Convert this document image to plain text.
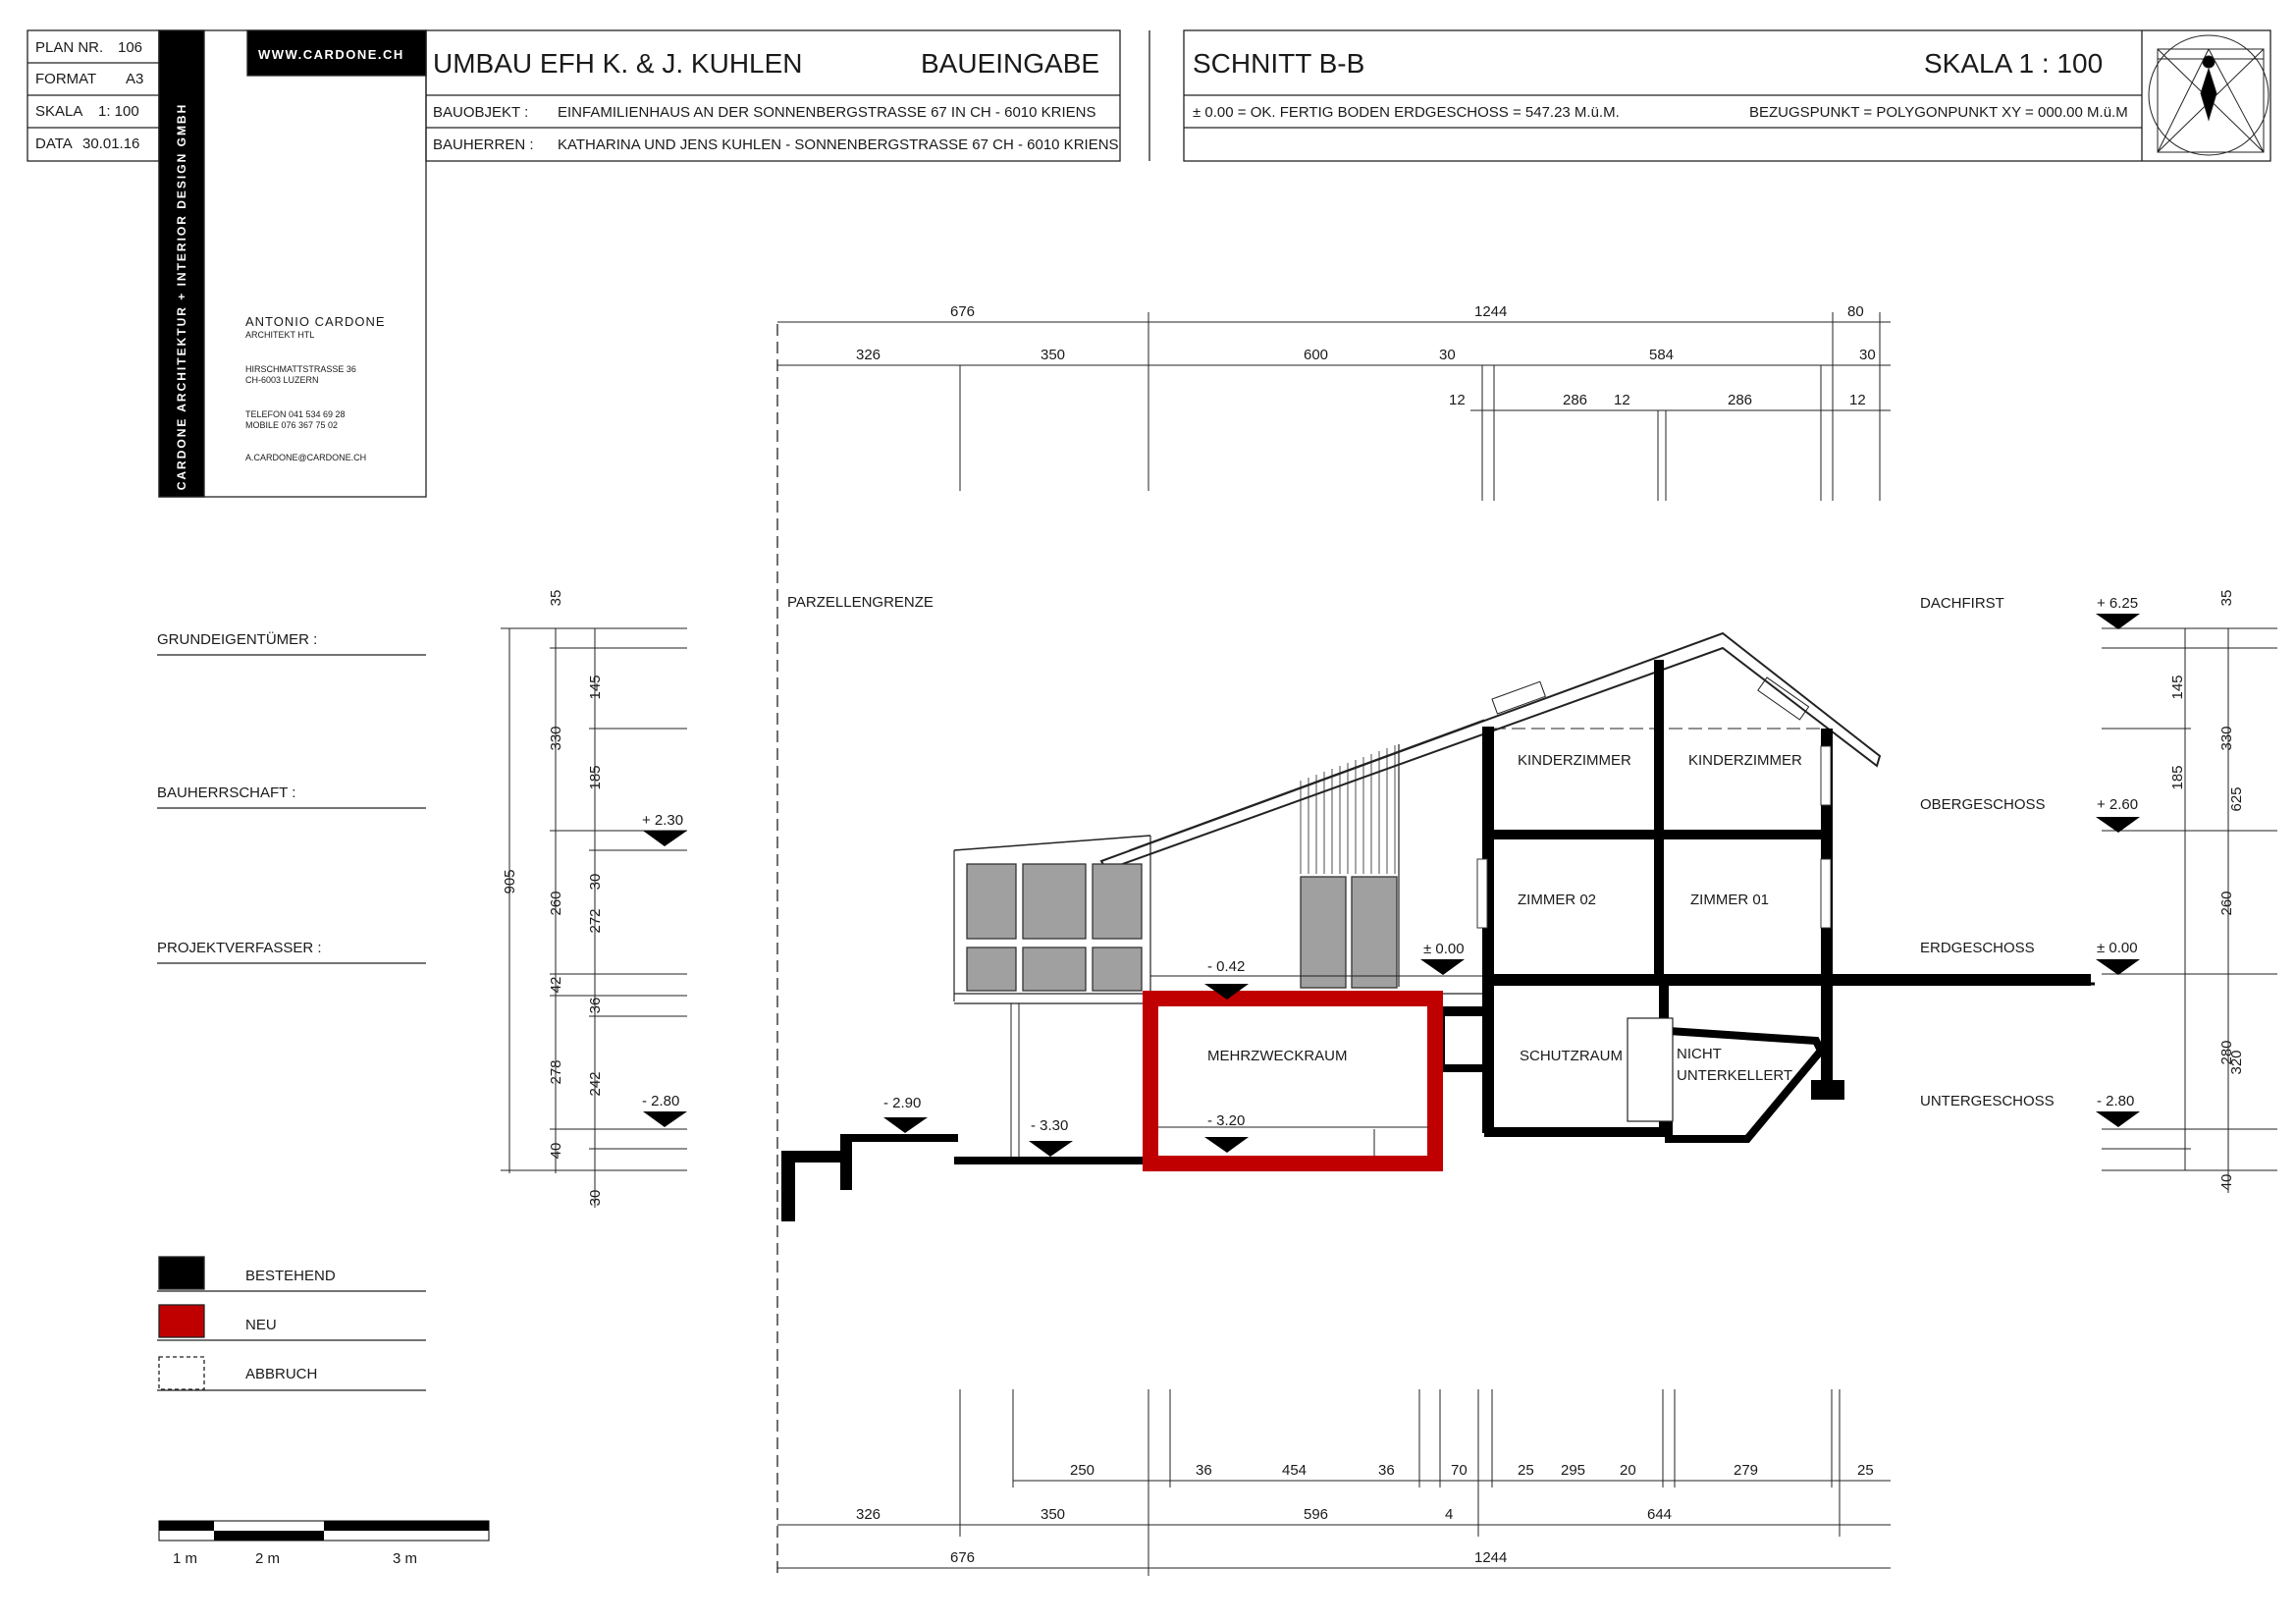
PLAN NR. 106
FORMAT A3
SKALA 1: 100
DATA 30.01.16
WWW.CARDONE.CH
CARDONE ARCHITEKTUR + INTERIOR DESIGN GMBH
UMBAU EFH K. & J. KUHLEN	BAUEINGABE
BAUOBJEKT : EINFAMILIENHAUS AN DER SONNENBERGSTRASSE 67 IN CH - 6010 KRIENS
BAUHERREN : KATHARINA UND JENS KUHLEN - SONNENBERGSTRASSE 67 CH - 6010 KRIENS
SCHNITT B-B	SKALA 1 : 100
± 0.00 = OK. FERTIG BODEN ERDGESCHOSS = 547.23 M.ü.M.	BEZUGSPUNKT = POLYGONPUNKT XY = 000.00 M.ü.M
ANTONIO CARDONE
ARCHITEKT HTL
HIRSCHMATTSTRASSE 36
CH-6003 LUZERN
TELEFON 041 534 69 28
MOBILE 076 367 75 02
A.CARDONE@CARDONE.CH
GRUNDEIGENTÜMER :
BAUHERRSCHAFT :
PROJEKTVERFASSER :
BESTEHEND
NEU
ABBRUCH
1 m	2 m	3 m
PARZELLENGRENZE
KINDERZIMMER	KINDERZIMMER
ZIMMER 02	ZIMMER 01
MEHRZWECKRAUM	SCHUTZRAUM	NICHT
UNTERKELLERT
- 0.42
± 0.00
- 2.90
- 3.30	- 3.20
DACHFIRST
OBERGESCHOSS
ERDGESCHOSS
UNTERGESCHOSS
+ 6.25
+ 2.60
± 0.00
- 2.80
+ 2.30
- 2.80
676	1244	80
326	350	600	30	584	30
12	286 12	286	12
250	36	454	36	70	25 295 20	279	25
326	350	596	4	644
676	1244
905
35
330
260
42
278
40
145
185
30
272
36
242
30
625
320
35
330
260
280
40
145
185
